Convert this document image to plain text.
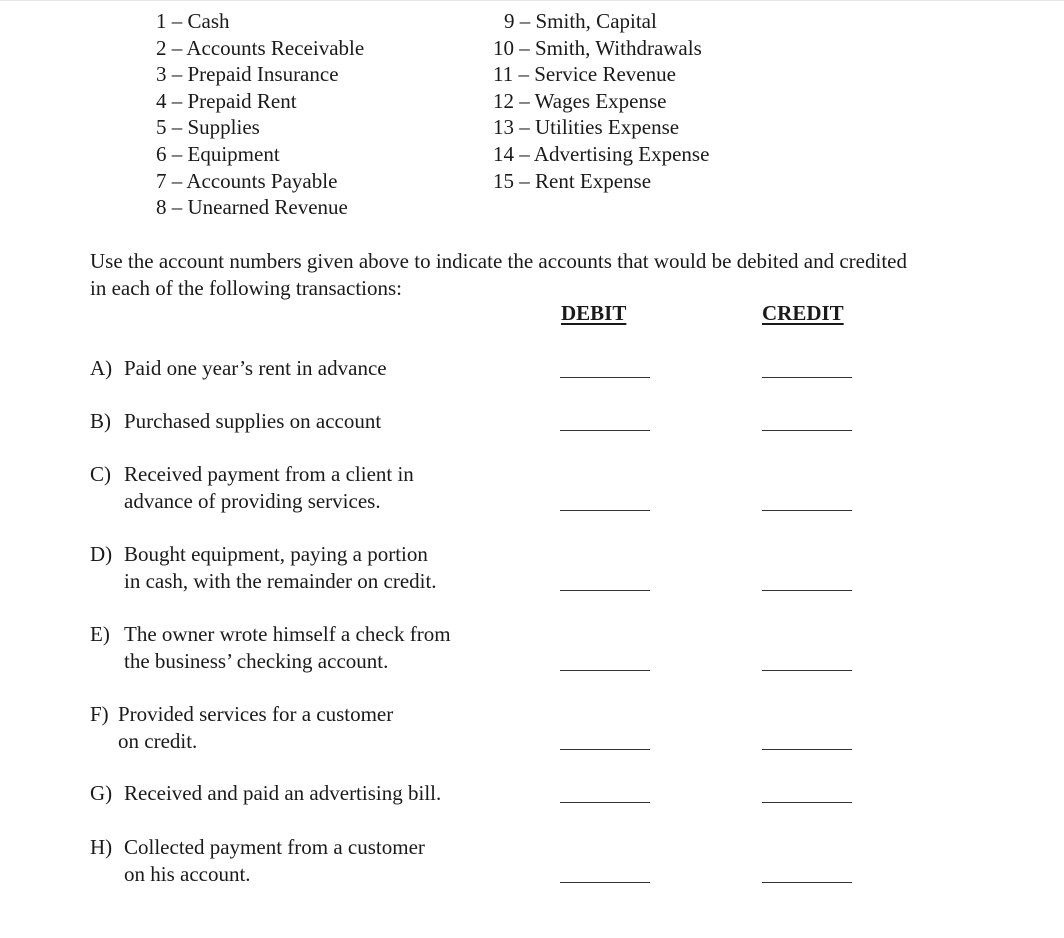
1 – Cash
2 – Accounts Receivable
3 – Prepaid Insurance
4 – Prepaid Rent
5 – Supplies
6 – Equipment
7 – Accounts Payable
8 – Unearned Revenue
9 – Smith, Capital
10 – Smith, Withdrawals
11 – Service Revenue
12 – Wages Expense
13 – Utilities Expense
14 – Advertising Expense
15 – Rent Expense
Use the account numbers given above to indicate the accounts that would be debited and credited
in each of the following transactions:
DEBIT	CREDIT
A) Paid one year’s rent in advance
B) Purchased supplies on account
C) Received payment from a client in
advance of providing services.
D) Bought equipment, paying a portion
in cash, with the remainder on credit.
E) The owner wrote himself a check from
the business’ checking account.
F) Provided services for a customer
on credit.
G) Received and paid an advertising bill.
H) Collected payment from a customer
on his account.
